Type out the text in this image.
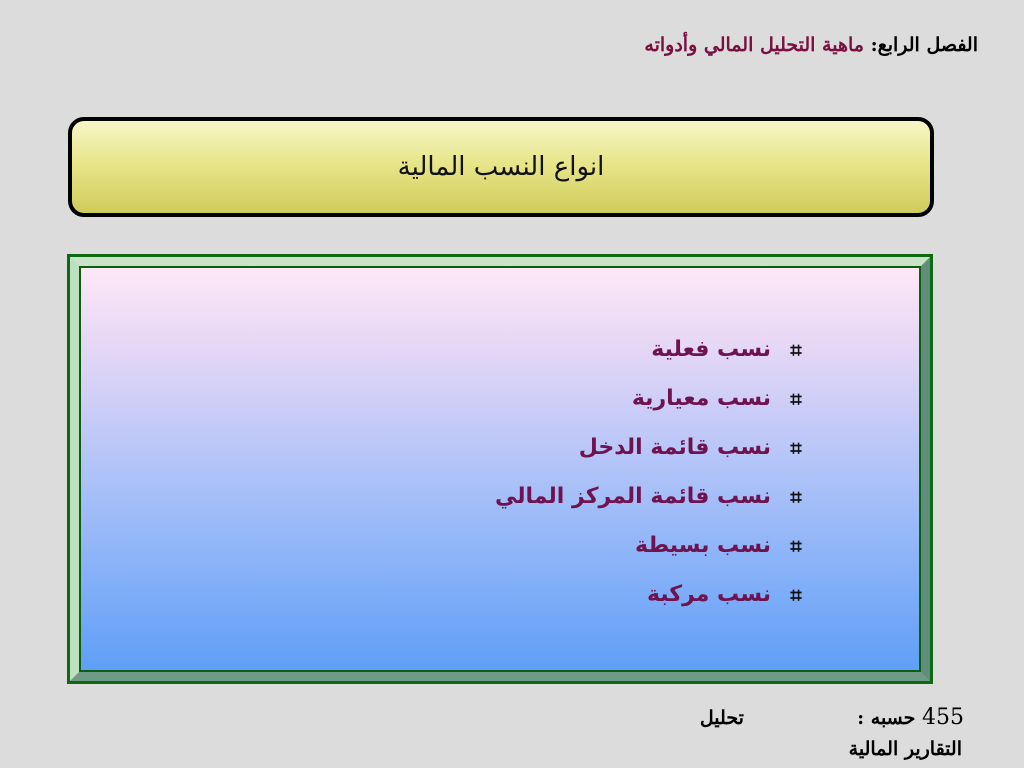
الفصل الرابع: ماهية التحليل المالي وأدواته
انواع النسب المالية
⌗
نسب فعلية
⌗
نسب معيارية
⌗
نسب قائمة الدخل
⌗
نسب قائمة المركز المالي
⌗
نسب بسيطة
⌗
نسب مركبة
455 حسبه :  تحليل
التقارير المالية
